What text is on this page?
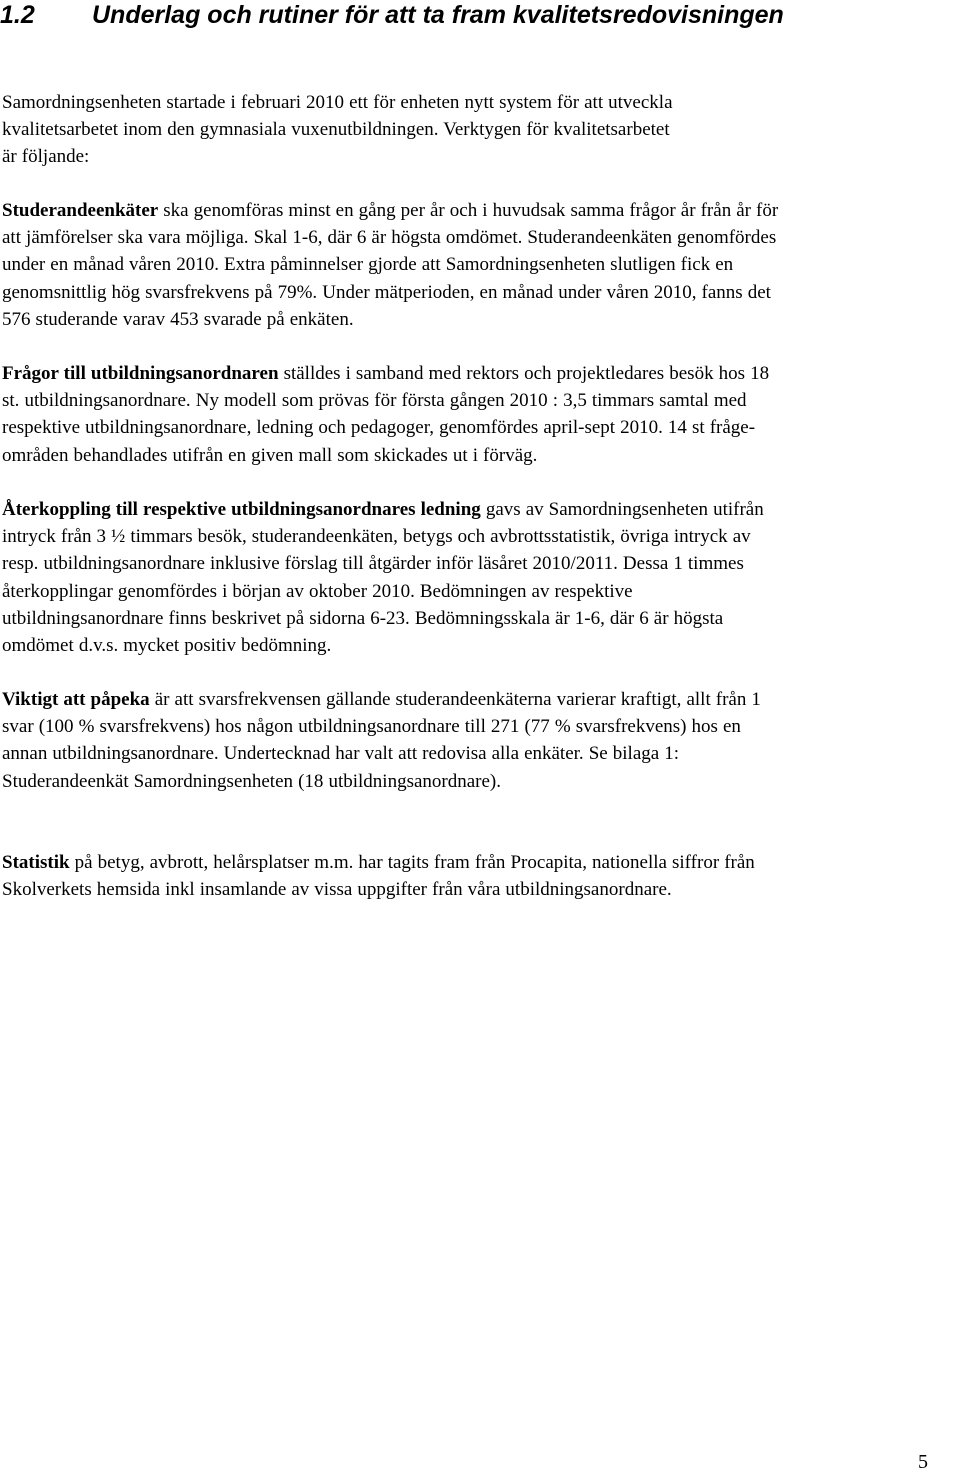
1.2 Underlag och rutiner för att ta fram kvalitetsredovisningen

Samordningsenheten startade i februari 2010 ett för enheten nytt system för att utveckla
kvalitetsarbetet inom den gymnasiala vuxenutbildningen. Verktygen för kvalitetsarbetet
är följande:

Studerandeenkäter ska genomföras minst en gång per år och i huvudsak samma frågor år från år för
att jämförelser ska vara möjliga. Skal 1-6, där 6 är högsta omdömet. Studerandeenkäten genomfördes
under en månad våren 2010. Extra påminnelser gjorde att Samordningsenheten slutligen fick en
genomsnittlig hög svarsfrekvens på 79%. Under mätperioden, en månad under våren 2010, fanns det
576 studerande varav 453 svarade på enkäten.

Frågor till utbildningsanordnaren ställdes i samband med rektors och projektledares besök hos 18
st. utbildningsanordnare. Ny modell som prövas för första gången 2010 : 3,5 timmars samtal med
respektive utbildningsanordnare, ledning och pedagoger, genomfördes april-sept 2010. 14 st fråge-
områden behandlades utifrån en given mall som skickades ut i förväg.

Återkoppling till respektive utbildningsanordnares ledning gavs av Samordningsenheten utifrån
intryck från 3 ½ timmars besök, studerandeenkäten, betygs och avbrottsstatistik, övriga intryck av
resp. utbildningsanordnare inklusive förslag till åtgärder inför läsåret 2010/2011. Dessa 1 timmes
återkopplingar genomfördes i början av oktober 2010. Bedömningen av respektive
utbildningsanordnare finns beskrivet på sidorna 6-23. Bedömningsskala är 1-6, där 6 är högsta
omdömet d.v.s. mycket positiv bedömning.

Viktigt att påpeka är att svarsfrekvensen gällande studerandeenkäterna varierar kraftigt, allt från 1
svar (100 % svarsfrekvens) hos någon utbildningsanordnare till 271 (77 % svarsfrekvens) hos en
annan utbildningsanordnare. Undertecknad har valt att redovisa alla enkäter. Se bilaga 1:
Studerandeenkät Samordningsenheten (18 utbildningsanordnare).

Statistik på betyg, avbrott, helårsplatser m.m. har tagits fram från Procapita, nationella siffror från
Skolverkets hemsida inkl insamlande av vissa uppgifter från våra utbildningsanordnare.

5
